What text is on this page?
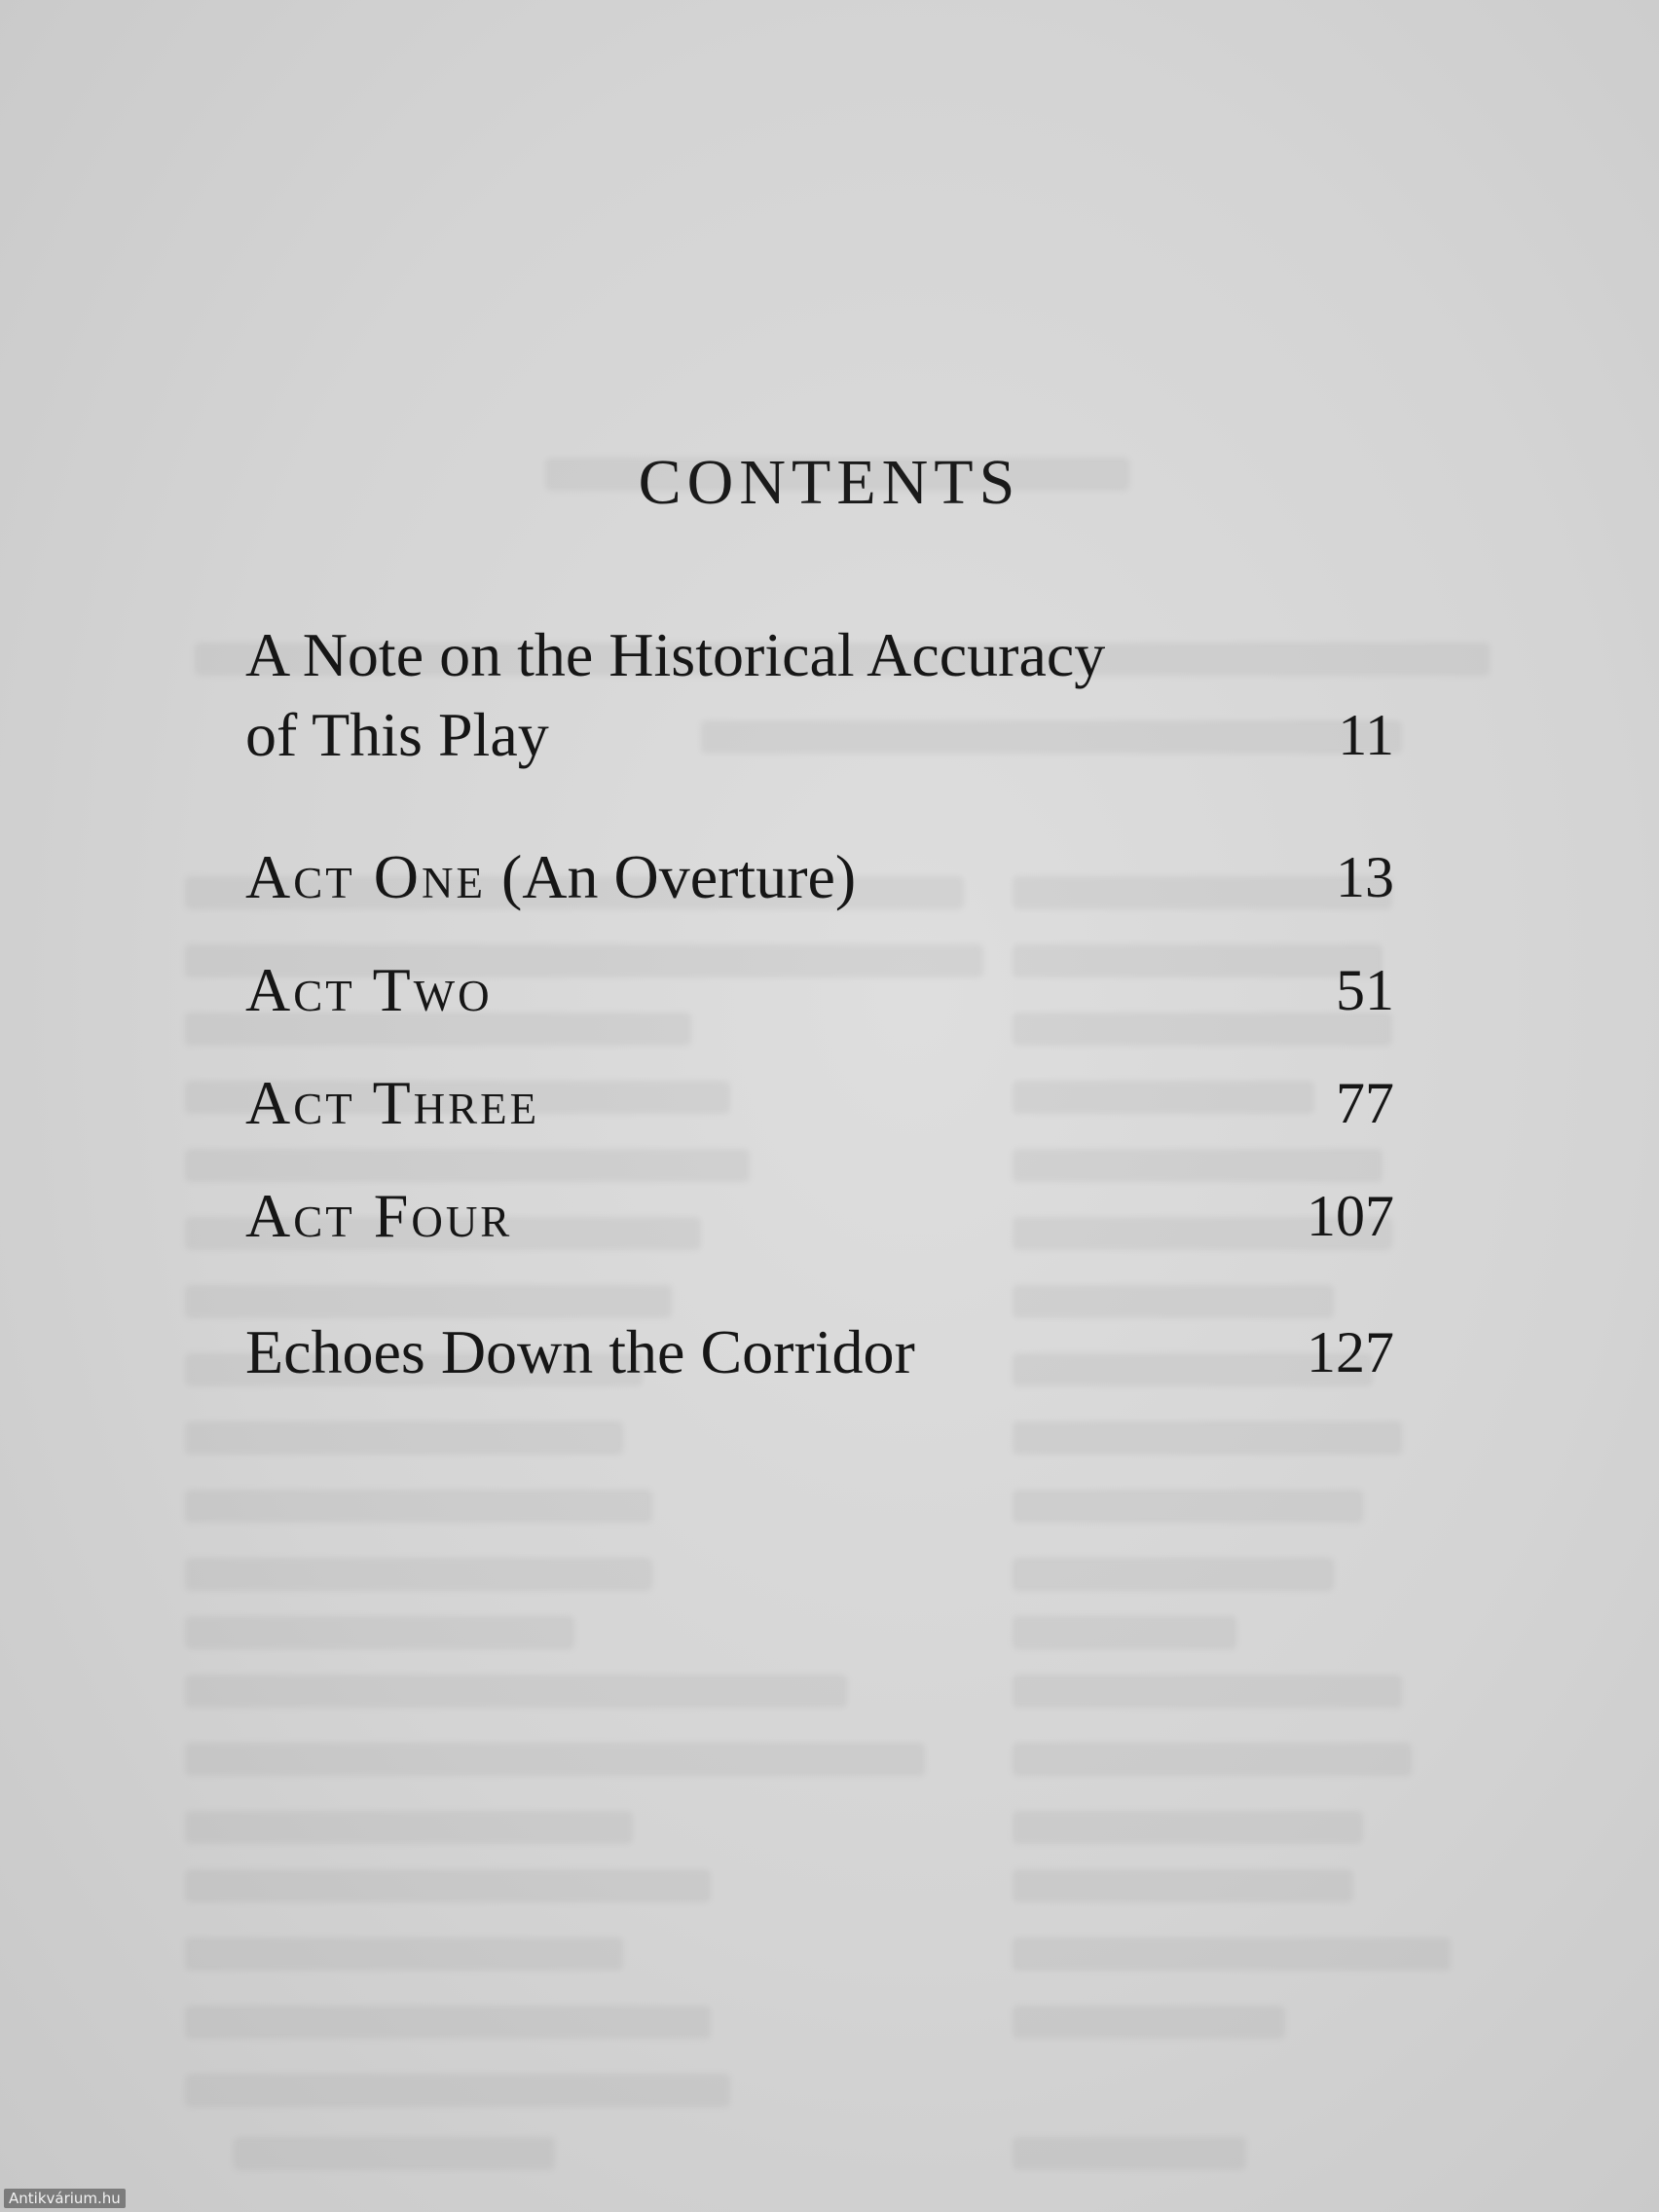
CONTENTS
A Note on the Historical Accuracy
of This Play	11
Act One (An Overture)	13
Act Two	51
Act Three	77
Act Four	107
Echoes Down the Corridor	127
Antikvárium.hu
